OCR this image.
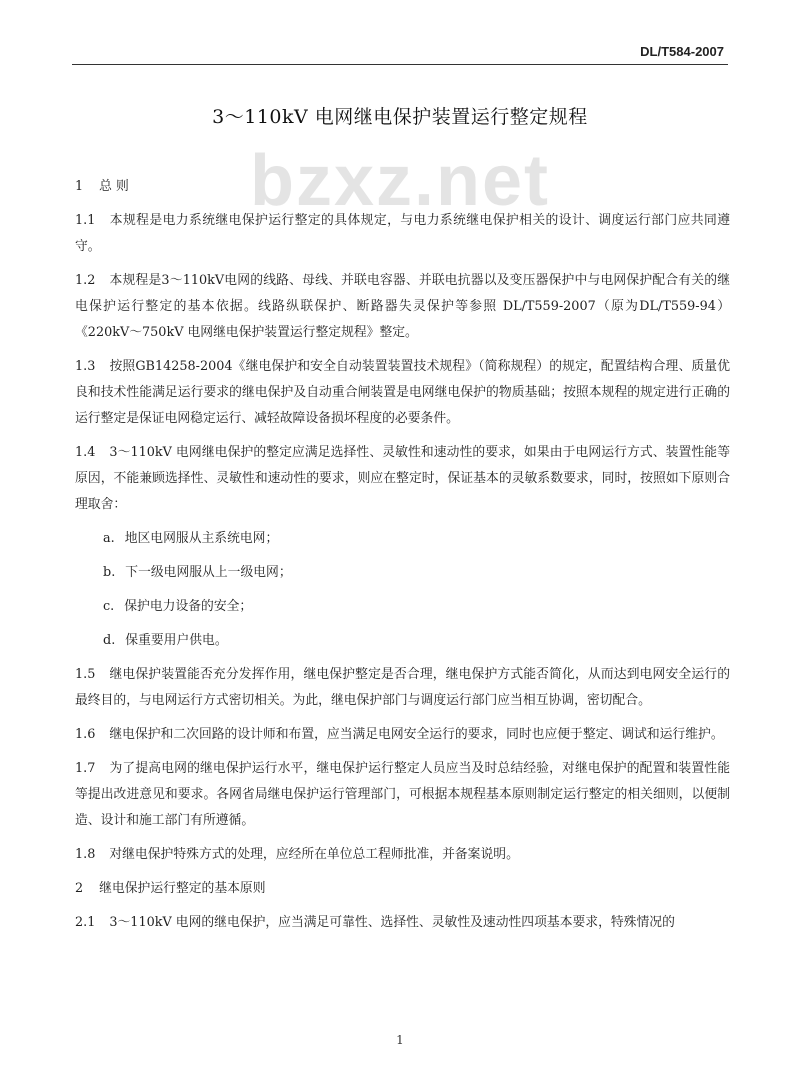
DL/T584-2007
bzxz.net
3～110kV 电网继电保护装置运行整定规程

1 总 则

1.1 本规程是电力系统继电保护运行整定的具体规定，与电力系统继电保护相关的设计、调度运行部门应共同遵守。

1.2 本规程是3～110kV电网的线路、母线、并联电容器、并联电抗器以及变压器保护中与电网保护配合有关的继电保护运行整定的基本依据。线路纵联保护、断路器失灵保护等参照 DL/T559-2007（原为DL/T559-94）《220kV～750kV 电网继电保护装置运行整定规程》整定。

1.3 按照GB14258-2004《继电保护和安全自动装置装置技术规程》（简称规程）的规定，配置结构合理、质量优良和技术性能满足运行要求的继电保护及自动重合闸装置是电网继电保护的物质基础；按照本规程的规定进行正确的运行整定是保证电网稳定运行、减轻故障设备损坏程度的必要条件。

1.4 3～110kV 电网继电保护的整定应满足选择性、灵敏性和速动性的要求，如果由于电网运行方式、装置性能等原因，不能兼顾选择性、灵敏性和速动性的要求，则应在整定时，保证基本的灵敏系数要求，同时，按照如下原则合理取舍：

a. 地区电网服从主系统电网；

b. 下一级电网服从上一级电网；

c. 保护电力设备的安全；

d. 保重要用户供电。

1.5 继电保护装置能否充分发挥作用，继电保护整定是否合理，继电保护方式能否简化，从而达到电网安全运行的最终目的，与电网运行方式密切相关。为此，继电保护部门与调度运行部门应当相互协调，密切配合。

1.6 继电保护和二次回路的设计师和布置，应当满足电网安全运行的要求，同时也应便于整定、调试和运行维护。

1.7 为了提高电网的继电保护运行水平，继电保护运行整定人员应当及时总结经验，对继电保护的配置和装置性能等提出改进意见和要求。各网省局继电保护运行管理部门，可根据本规程基本原则制定运行整定的相关细则，以便制造、设计和施工部门有所遵循。

1.8 对继电保护特殊方式的处理，应经所在单位总工程师批准，并备案说明。

2 继电保护运行整定的基本原则

2.1 3～110kV 电网的继电保护，应当满足可靠性、选择性、灵敏性及速动性四项基本要求，特殊情况的

1
